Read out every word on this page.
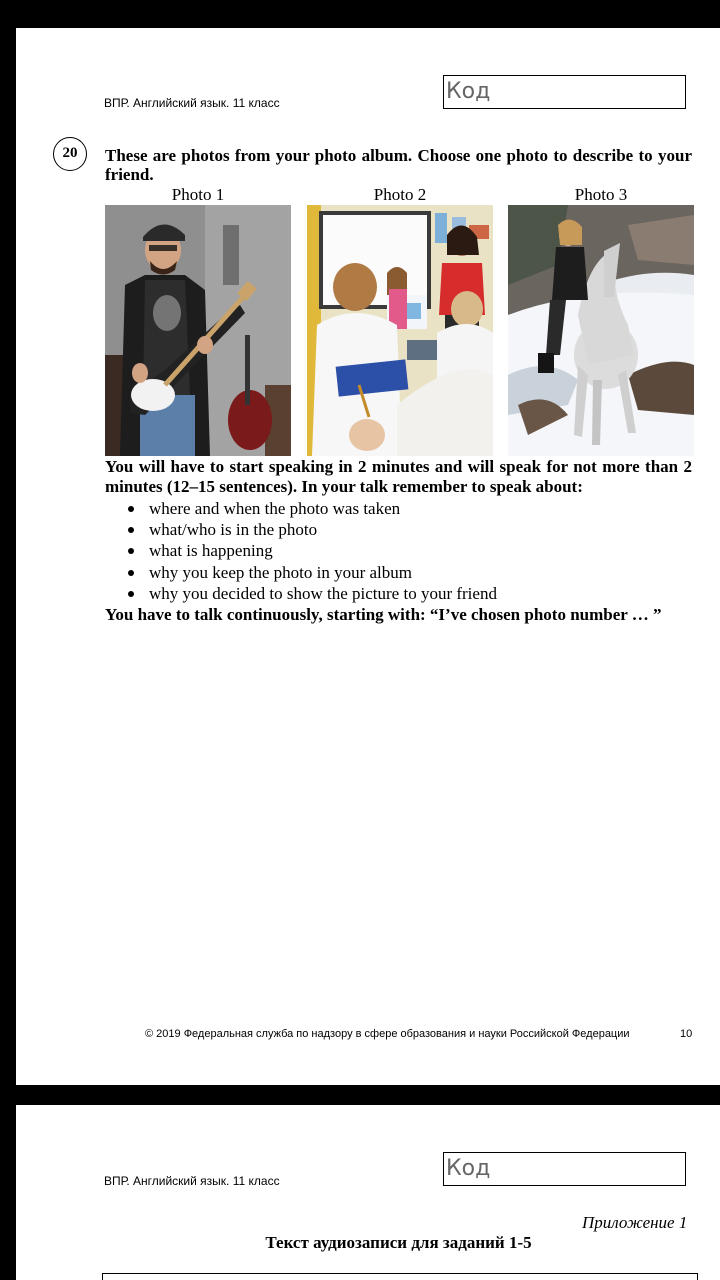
ВПР. Английский язык. 11 класс	Код
20	These are photos from your photo album. Choose one photo to describe to your friend.
Photo 1	Photo 2	Photo 3
You will have to start speaking in 2 minutes and will speak for not more than 2 minutes (12–15 sentences). In your talk remember to speak about:
where and when the photo was taken
what/who is in the photo
what is happening
why you keep the photo in your album
why you decided to show the picture to your friend
You have to talk continuously, starting with: “I’ve chosen photo number … ”
© 2019 Федеральная служба по надзору в сфере образования и науки Российской Федерации	10
ВПР. Английский язык. 11 класс	Код
Приложение 1
Текст аудиозаписи для заданий 1-5
